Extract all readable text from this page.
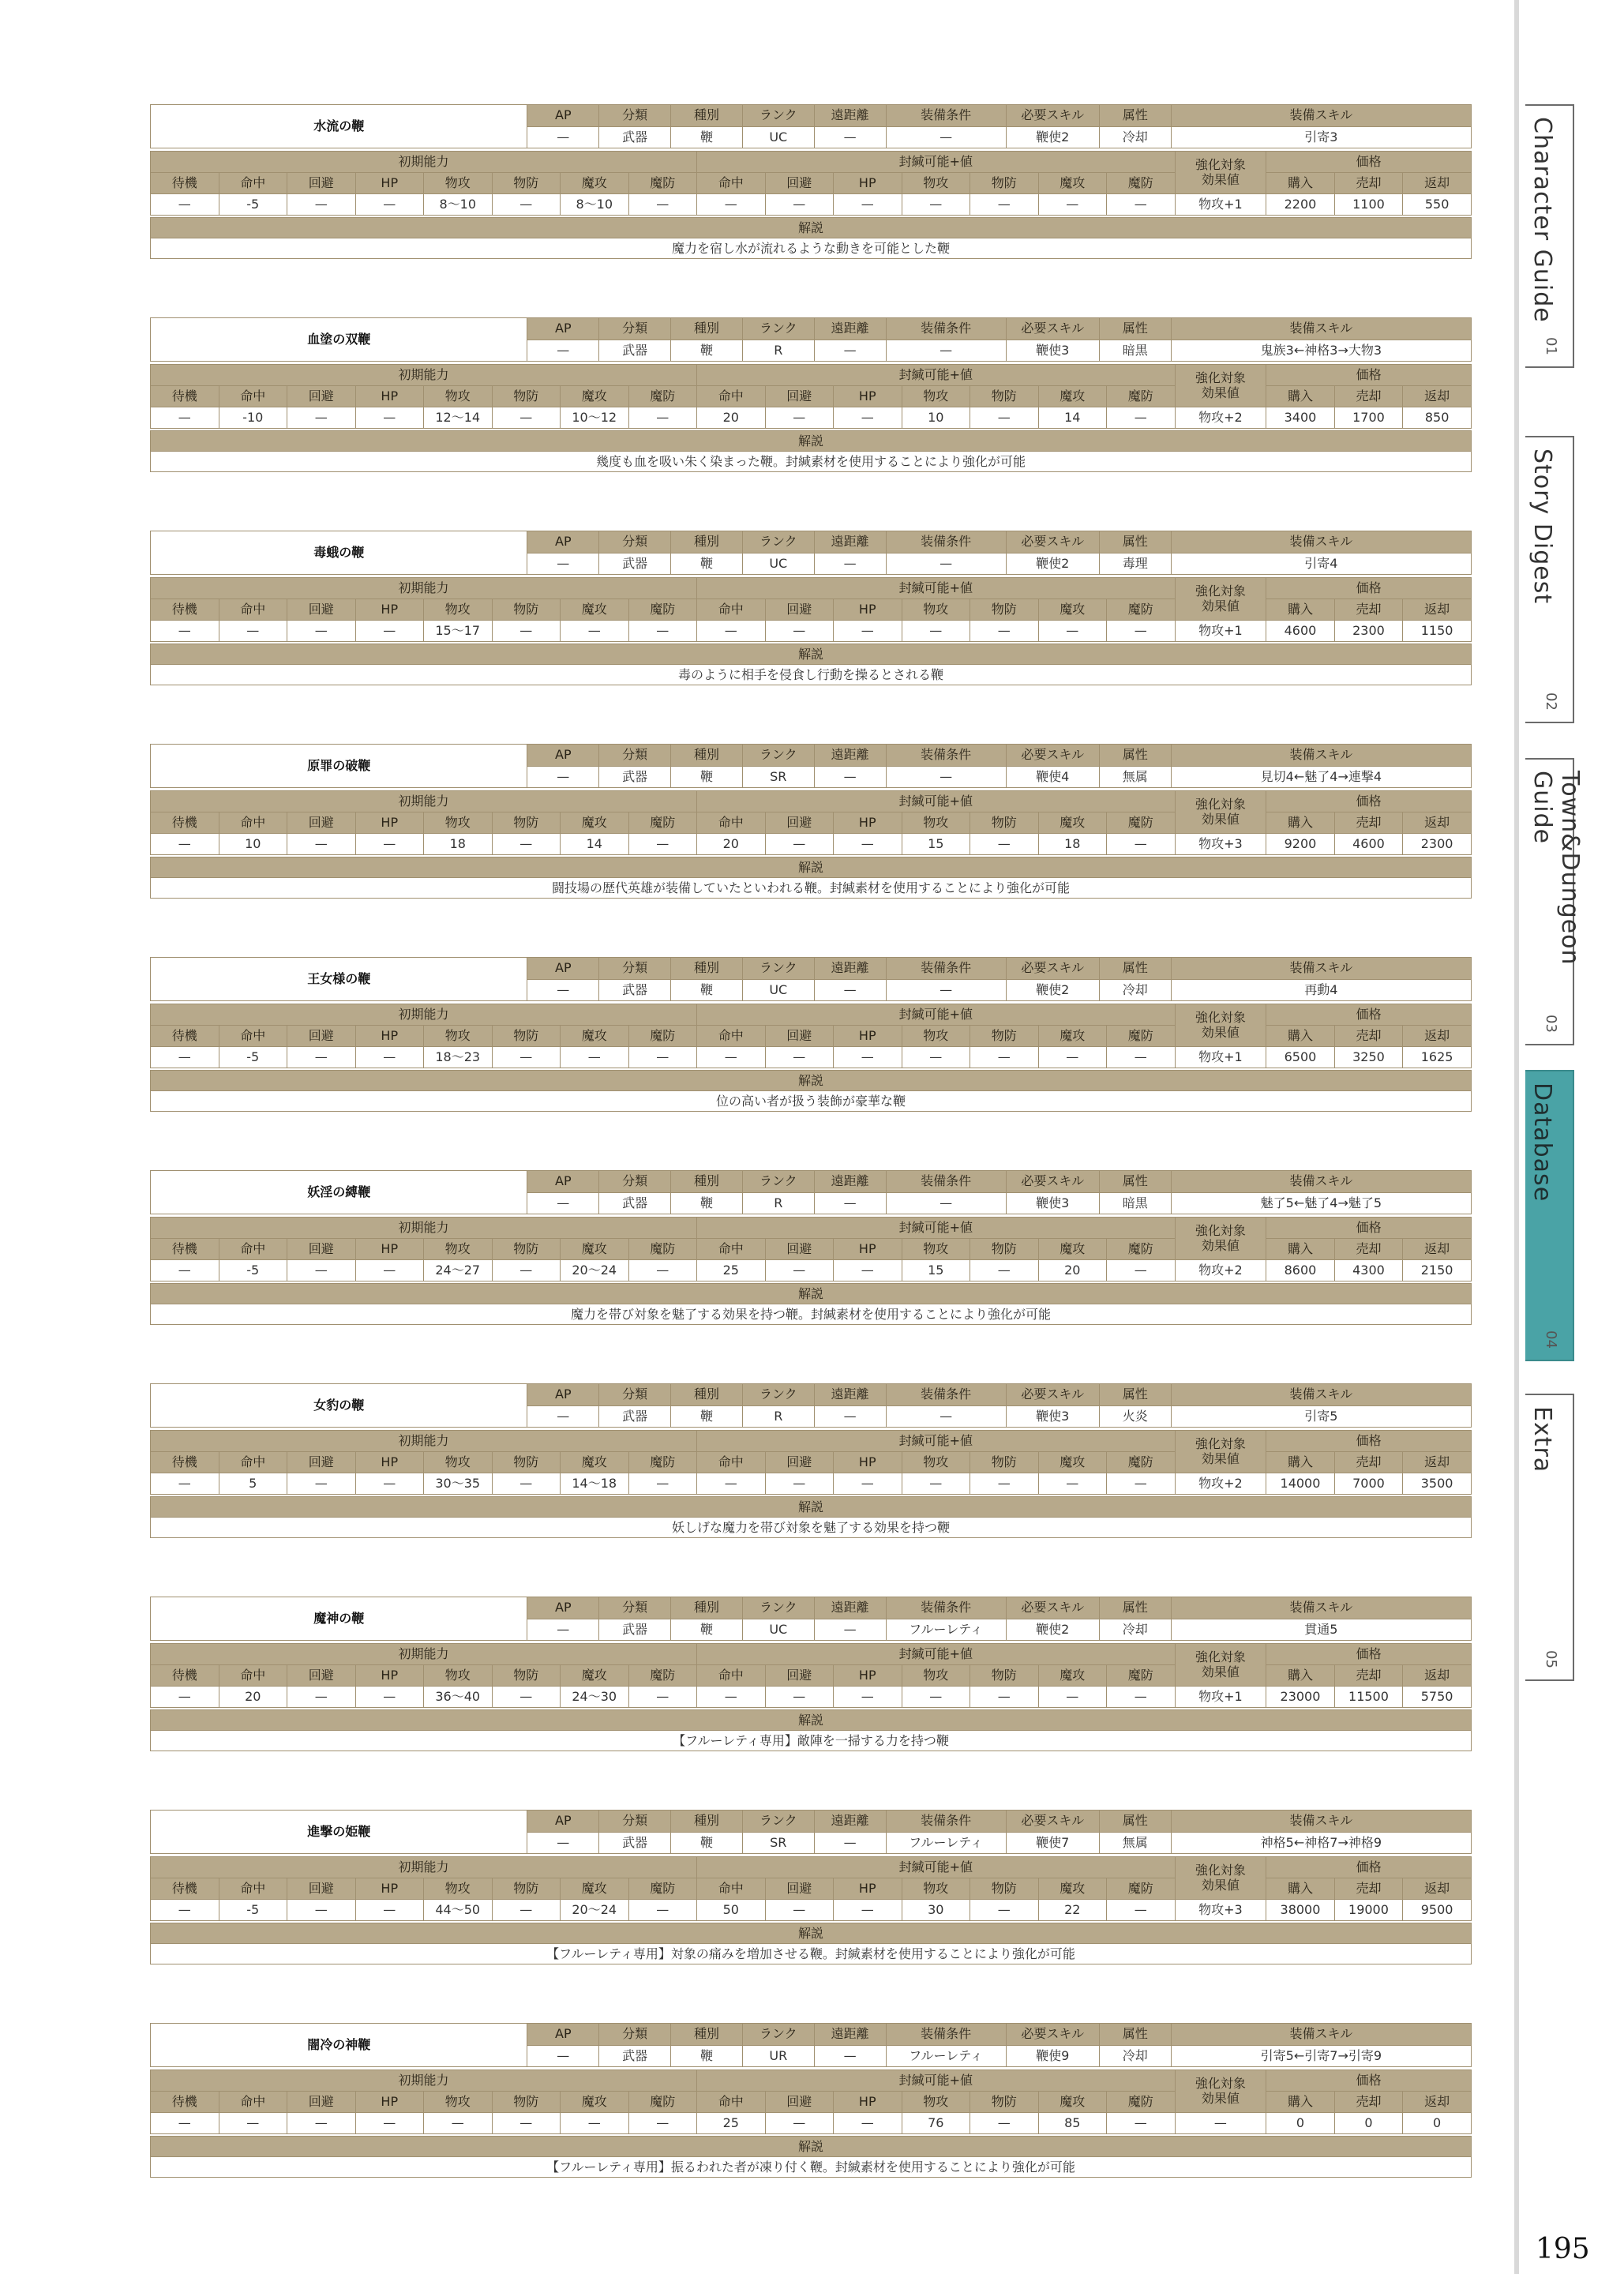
水流の鞭	AP	分類	種別	ランク	遠距離	装備条件	必要スキル	属性	装備スキル
	—	武器	鞭	UC	—	—	鞭使2	冷却	引寄3
初期能力								封緘可能+値							強化対象
効果値	価格		
待機	命中	回避	HP	物攻	物防	魔攻	魔防	命中	回避	HP	物攻	物防	魔攻	魔防		購入	売却	返却
—	-5	—	—	8～10	—	8～10	—	—	—	—	—	—	—	—	物攻+1	2200	1100	550
解説
魔力を宿し水が流れるような動きを可能とした鞭
血塗の双鞭	AP	分類	種別	ランク	遠距離	装備条件	必要スキル	属性	装備スキル
	—	武器	鞭	R	—	—	鞭使3	暗黒	鬼族3←神格3→大物3
初期能力								封緘可能+値							強化対象
効果値	価格		
待機	命中	回避	HP	物攻	物防	魔攻	魔防	命中	回避	HP	物攻	物防	魔攻	魔防		購入	売却	返却
—	-10	—	—	12～14	—	10～12	—	20	—	—	10	—	14	—	物攻+2	3400	1700	850
解説
幾度も血を吸い朱く染まった鞭。封緘素材を使用することにより強化が可能
毒蛾の鞭	AP	分類	種別	ランク	遠距離	装備条件	必要スキル	属性	装備スキル
	—	武器	鞭	UC	—	—	鞭使2	毒理	引寄4
初期能力								封緘可能+値							強化対象
効果値	価格		
待機	命中	回避	HP	物攻	物防	魔攻	魔防	命中	回避	HP	物攻	物防	魔攻	魔防		購入	売却	返却
—	—	—	—	15～17	—	—	—	—	—	—	—	—	—	—	物攻+1	4600	2300	1150
解説
毒のように相手を侵食し行動を操るとされる鞭
原罪の破鞭	AP	分類	種別	ランク	遠距離	装備条件	必要スキル	属性	装備スキル
	—	武器	鞭	SR	—	—	鞭使4	無属	見切4←魅了4→連撃4
初期能力								封緘可能+値							強化対象
効果値	価格		
待機	命中	回避	HP	物攻	物防	魔攻	魔防	命中	回避	HP	物攻	物防	魔攻	魔防		購入	売却	返却
—	10	—	—	18	—	14	—	20	—	—	15	—	18	—	物攻+3	9200	4600	2300
解説
闘技場の歴代英雄が装備していたといわれる鞭。封緘素材を使用することにより強化が可能
王女様の鞭	AP	分類	種別	ランク	遠距離	装備条件	必要スキル	属性	装備スキル
	—	武器	鞭	UC	—	—	鞭使2	冷却	再動4
初期能力								封緘可能+値							強化対象
効果値	価格		
待機	命中	回避	HP	物攻	物防	魔攻	魔防	命中	回避	HP	物攻	物防	魔攻	魔防		購入	売却	返却
—	-5	—	—	18～23	—	—	—	—	—	—	—	—	—	—	物攻+1	6500	3250	1625
解説
位の高い者が扱う装飾が豪華な鞭
妖淫の縛鞭	AP	分類	種別	ランク	遠距離	装備条件	必要スキル	属性	装備スキル
	—	武器	鞭	R	—	—	鞭使3	暗黒	魅了5←魅了4→魅了5
初期能力								封緘可能+値							強化対象
効果値	価格		
待機	命中	回避	HP	物攻	物防	魔攻	魔防	命中	回避	HP	物攻	物防	魔攻	魔防		購入	売却	返却
—	-5	—	—	24～27	—	20～24	—	25	—	—	15	—	20	—	物攻+2	8600	4300	2150
解説
魔力を帯び対象を魅了する効果を持つ鞭。封緘素材を使用することにより強化が可能
女豹の鞭	AP	分類	種別	ランク	遠距離	装備条件	必要スキル	属性	装備スキル
	—	武器	鞭	R	—	—	鞭使3	火炎	引寄5
初期能力								封緘可能+値							強化対象
効果値	価格		
待機	命中	回避	HP	物攻	物防	魔攻	魔防	命中	回避	HP	物攻	物防	魔攻	魔防		購入	売却	返却
—	5	—	—	30～35	—	14～18	—	—	—	—	—	—	—	—	物攻+2	14000	7000	3500
解説
妖しげな魔力を帯び対象を魅了する効果を持つ鞭
魔神の鞭	AP	分類	種別	ランク	遠距離	装備条件	必要スキル	属性	装備スキル
	—	武器	鞭	UC	—	フルーレティ	鞭使2	冷却	貫通5
初期能力								封緘可能+値							強化対象
効果値	価格		
待機	命中	回避	HP	物攻	物防	魔攻	魔防	命中	回避	HP	物攻	物防	魔攻	魔防		購入	売却	返却
—	20	—	—	36～40	—	24～30	—	—	—	—	—	—	—	—	物攻+1	23000	11500	5750
解説
【フルーレティ専用】敵陣を一掃する力を持つ鞭
進撃の姫鞭	AP	分類	種別	ランク	遠距離	装備条件	必要スキル	属性	装備スキル
	—	武器	鞭	SR	—	フルーレティ	鞭使7	無属	神格5←神格7→神格9
初期能力								封緘可能+値							強化対象
効果値	価格		
待機	命中	回避	HP	物攻	物防	魔攻	魔防	命中	回避	HP	物攻	物防	魔攻	魔防		購入	売却	返却
—	-5	—	—	44～50	—	20～24	—	50	—	—	30	—	22	—	物攻+3	38000	19000	9500
解説
【フルーレティ専用】対象の痛みを増加させる鞭。封緘素材を使用することにより強化が可能
闇冷の神鞭	AP	分類	種別	ランク	遠距離	装備条件	必要スキル	属性	装備スキル
	—	武器	鞭	UR	—	フルーレティ	鞭使9	冷却	引寄5←引寄7→引寄9
初期能力								封緘可能+値							強化対象
効果値	価格		
待機	命中	回避	HP	物攻	物防	魔攻	魔防	命中	回避	HP	物攻	物防	魔攻	魔防		購入	売却	返却
—	—	—	—	—	—	—	—	25	—	—	76	—	85	—	—	0	0	0
解説
【フルーレティ専用】振るわれた者が凍り付く鞭。封緘素材を使用することにより強化が可能
Character Guide
01
Story Digest
02
Town&Dungeon Guide
03
Database
04
Extra
05
195
